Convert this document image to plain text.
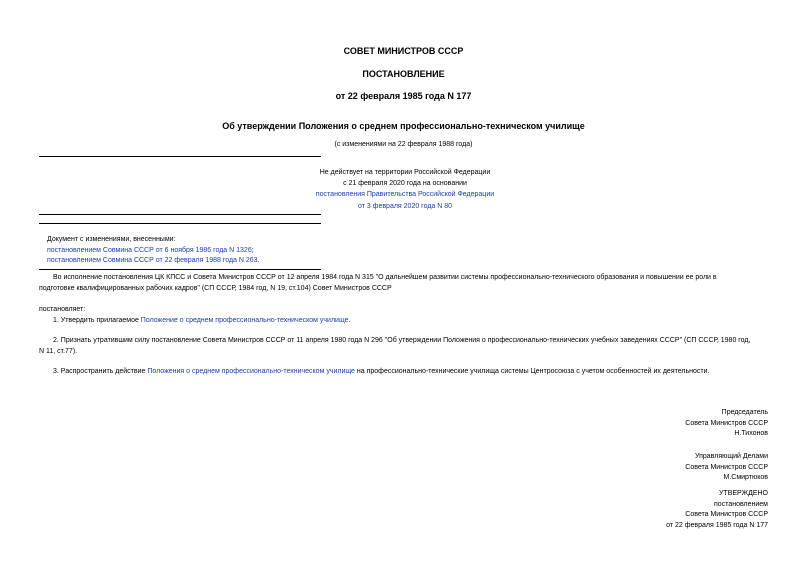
СОВЕТ МИНИСТРОВ СССР
ПОСТАНОВЛЕНИЕ
от 22 февраля 1985 года N 177
Об утверждении Положения о среднем профессионально-техническом училище
(с изменениями на 22 февраля 1988 года)
Не действует на территории Российской Федерации
с 21 февраля 2020 года на основании
постановления Правительства Российской Федерации
от 3 февраля 2020 года N 80
Документ с изменениями, внесенными:
постановлением Совмина СССР от 6 ноября 1986 года N 1326;
постановлением Совмина СССР от 22 февраля 1988 года N 263.
Во исполнение постановления ЦК КПСС и Совета Министров СССР от 12 апреля 1984 года N 315 "О дальнейшем развитии системы профессионально-технического образования и повышении ее роли в
подготовке квалифицированных рабочих кадров" (СП СССР, 1984 год, N 19, ст.104) Совет Министров СССР
постановляет:
1. Утвердить прилагаемое Положение о среднем профессионально-техническом училище.
2. Признать утратившим силу постановление Совета Министров СССР от 11 апреля 1980 года N 296 "Об утверждении Положения о профессионально-технических учебных заведениях СССР" (СП СССР, 1980 год,
N 11, ст.77).
3. Распространить действие Положения о среднем профессионально-техническом училище на профессионально-технические училища системы Центросоюза с учетом особенностей их деятельности.
Председатель
Совета Министров СССР
Н.Тихонов
Управляющий Делами
Совета Министров СССР
М.Смиртюков
УТВЕРЖДЕНО
постановлением
Совета Министров СССР
от 22 февраля 1985 года N 177
